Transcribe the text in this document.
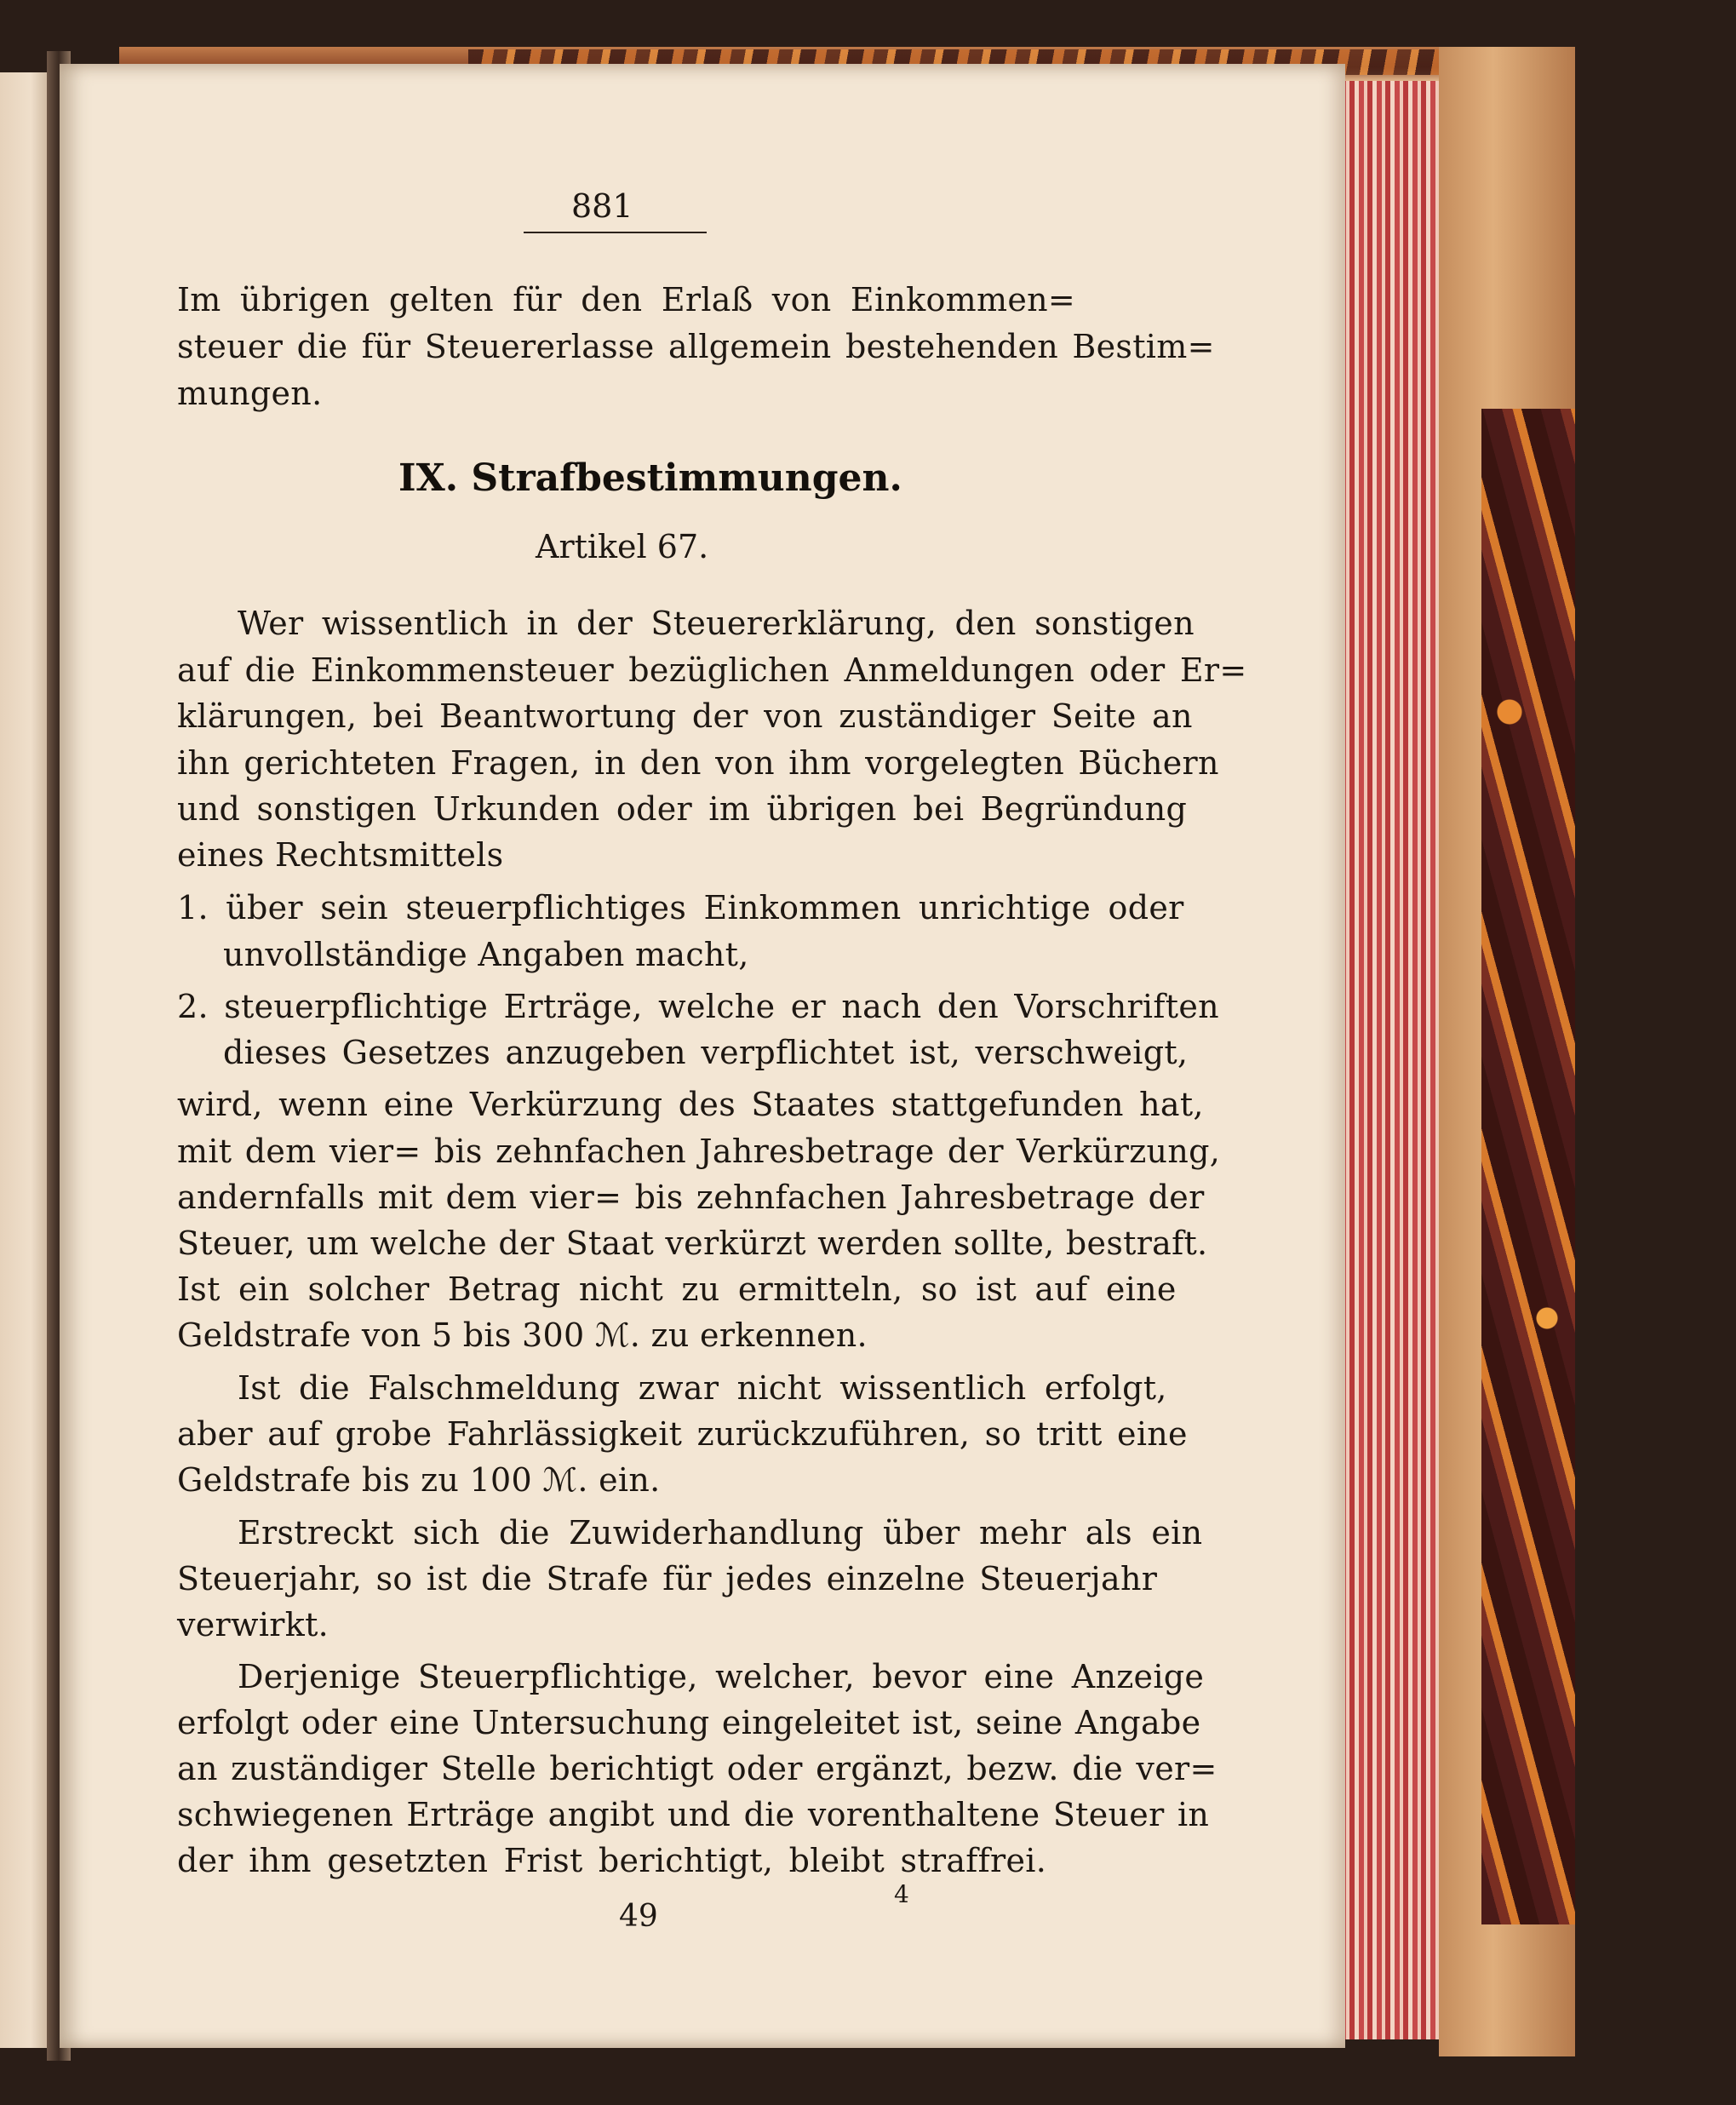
881
Im übrigen gelten für den Erlaß von Einkommen=
steuer die für Steuererlasse allgemein bestehenden Bestim=
mungen.
IX. Strafbestimmungen.
Artikel 67.
Wer wissentlich in der Steuererklärung, den sonstigen
auf die Einkommensteuer bezüglichen Anmeldungen oder Er=
klärungen, bei Beantwortung der von zuständiger Seite an
ihn gerichteten Fragen, in den von ihm vorgelegten Büchern
und sonstigen Urkunden oder im übrigen bei Begründung
eines Rechtsmittels
1. über sein steuerpflichtiges Einkommen unrichtige oder
unvollständige Angaben macht,
2. steuerpflichtige Erträge, welche er nach den Vorschriften
dieses Gesetzes anzugeben verpflichtet ist, verschweigt,
wird, wenn eine Verkürzung des Staates stattgefunden hat,
mit dem vier= bis zehnfachen Jahresbetrage der Verkürzung,
andernfalls mit dem vier= bis zehnfachen Jahresbetrage der
Steuer, um welche der Staat verkürzt werden sollte, bestraft.
Ist ein solcher Betrag nicht zu ermitteln, so ist auf eine
Geldstrafe von 5 bis 300 ℳ. zu erkennen.
Ist die Falschmeldung zwar nicht wissentlich erfolgt,
aber auf grobe Fahrlässigkeit zurückzuführen, so tritt eine
Geldstrafe bis zu 100 ℳ. ein.
Erstreckt sich die Zuwiderhandlung über mehr als ein
Steuerjahr, so ist die Strafe für jedes einzelne Steuerjahr
verwirkt.
Derjenige Steuerpflichtige, welcher, bevor eine Anzeige
erfolgt oder eine Untersuchung eingeleitet ist, seine Angabe
an zuständiger Stelle berichtigt oder ergänzt, bezw. die ver=
schwiegenen Erträge angibt und die vorenthaltene Steuer in
der ihm gesetzten Frist berichtigt, bleibt straffrei.
49
4
